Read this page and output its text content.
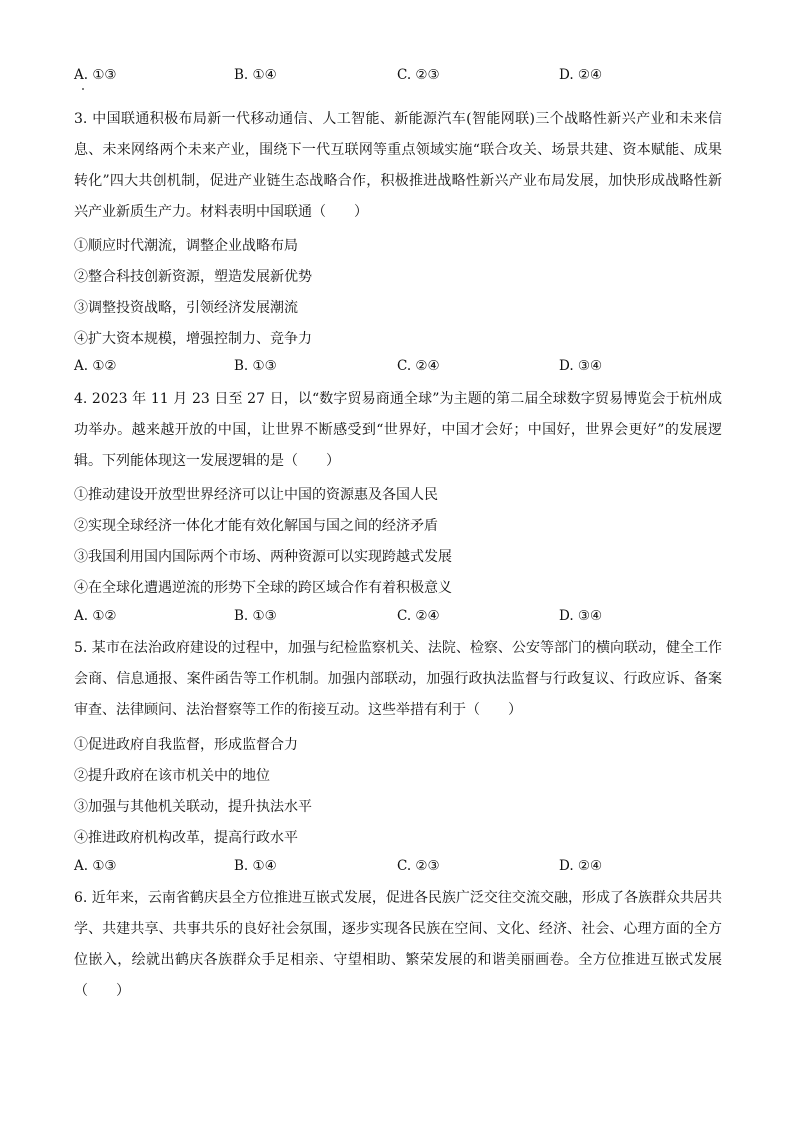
A. ①③	B. ①④	C. ②③	D. ②④
3. 中国联通积极布局新一代移动通信、人工智能、新能源汽车(智能网联)三个战略性新兴产业和未来信息、未来网络两个未来产业，围绕下一代互联网等重点领域实施“联合攻关、场景共建、资本赋能、成果转化”四大共创机制，促进产业链生态战略合作，积极推进战略性新兴产业布局发展，加快形成战略性新兴产业新质生产力。材料表明中国联通（　　）
①顺应时代潮流，调整企业战略布局
②整合科技创新资源，塑造发展新优势
③调整投资战略，引领经济发展潮流
④扩大资本规模，增强控制力、竞争力
A. ①②	B. ①③	C. ②④	D. ③④
4. 2023 年 11 月 23 日至 27 日，以“数字贸易商通全球”为主题的第二届全球数字贸易博览会于杭州成功举办。越来越开放的中国，让世界不断感受到“世界好，中国才会好；中国好，世界会更好”的发展逻辑。下列能体现这一发展逻辑的是（　　）
①推动建设开放型世界经济可以让中国的资源惠及各国人民
②实现全球经济一体化才能有效化解国与国之间的经济矛盾
③我国利用国内国际两个市场、两种资源可以实现跨越式发展
④在全球化遭遇逆流的形势下全球的跨区域合作有着积极意义
A. ①②	B. ①③	C. ②④	D. ③④
5. 某市在法治政府建设的过程中，加强与纪检监察机关、法院、检察、公安等部门的横向联动，健全工作会商、信息通报、案件函告等工作机制。加强内部联动，加强行政执法监督与行政复议、行政应诉、备案审查、法律顾问、法治督察等工作的衔接互动。这些举措有利于（　　）
①促进政府自我监督，形成监督合力
②提升政府在该市机关中的地位
③加强与其他机关联动，提升执法水平
④推进政府机构改革，提高行政水平
A. ①③	B. ①④	C. ②③	D. ②④
6. 近年来，云南省鹤庆县全方位推进互嵌式发展，促进各民族广泛交往交流交融，形成了各族群众共居共学、共建共享、共事共乐的良好社会氛围，逐步实现各民族在空间、文化、经济、社会、心理方面的全方位嵌入，绘就出鹤庆各族群众手足相亲、守望相助、繁荣发展的和谐美丽画卷。全方位推进互嵌式发展（　　）
